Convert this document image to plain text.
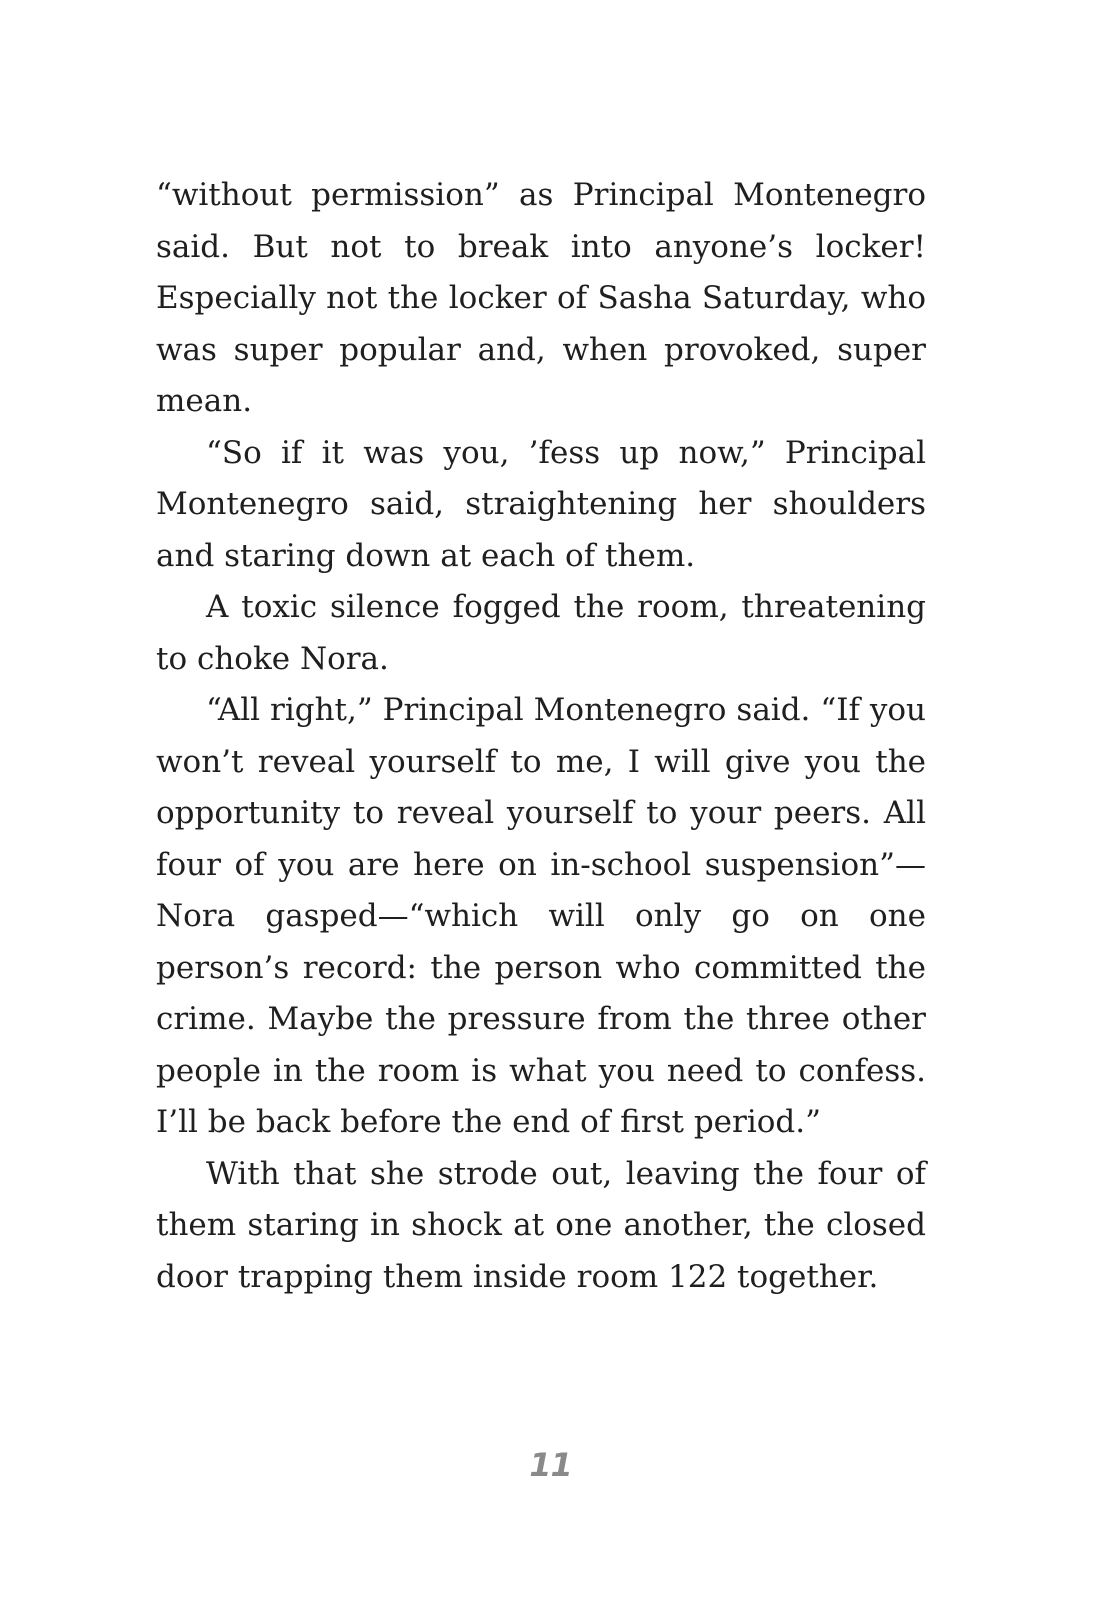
“without permission” as Principal Montenegro said. But not to break into anyone’s locker! Especially not the locker of Sasha Saturday, who was super popular and, when provoked, super mean.

“So if it was you, ’fess up now,” Principal Montenegro said, straightening her shoulders and staring down at each of them.

A toxic silence fogged the room, threatening to choke Nora.

“All right,” Principal Montenegro said. “If you won’t reveal yourself to me, I will give you the opportunity to reveal yourself to your peers. All four of you are here on in-school suspension”—Nora gasped—“which will only go on one person’s record: the person who committed the crime. Maybe the pressure from the three other people in the room is what you need to confess. I’ll be back before the end of first period.”

With that she strode out, leaving the four of them staring in shock at one another, the closed door trapping them inside room 122 together.

11
